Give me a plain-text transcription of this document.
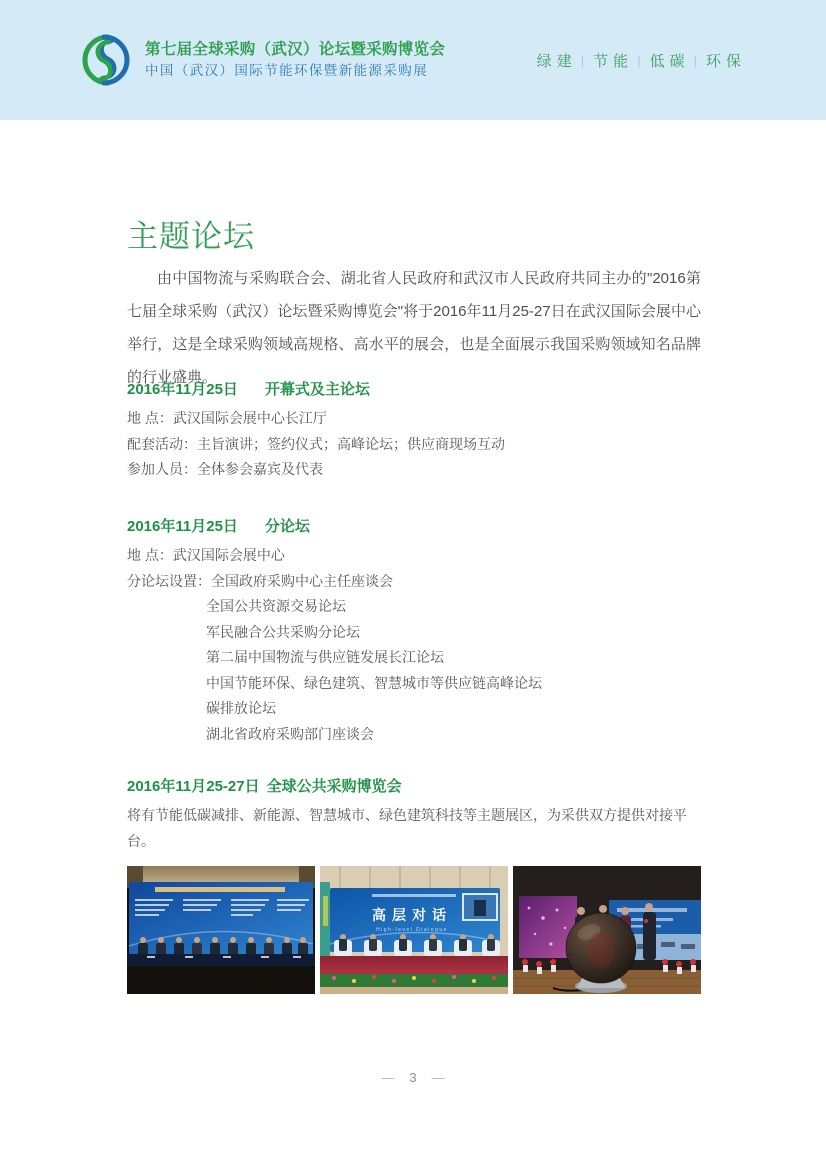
第七届全球采购（武汉）论坛暨采购博览会
中国（武汉）国际节能环保暨新能源采购展
绿建 | 节能 | 低碳 | 环保
主题论坛

由中国物流与采购联合会、湖北省人民政府和武汉市人民政府共同主办的"2016第七届全球采购（武汉）论坛暨采购博览会"将于2016年11月25-27日在武汉国际会展中心举行，这是全球采购领域高规格、高水平的展会，也是全面展示我国采购领域知名品牌的行业盛典。

2016年11月25日 开幕式及主论坛
地 点：武汉国际会展中心长江厅
配套活动：主旨演讲；签约仪式；高峰论坛；供应商现场互动
参加人员：全体参会嘉宾及代表
2016年11月25日 分论坛
地 点：武汉国际会展中心
分论坛设置：全国政府采购中心主任座谈会
全国公共资源交易论坛
军民融合公共采购分论坛
第二届中国物流与供应链发展长江论坛
中国节能环保、绿色建筑、智慧城市等供应链高峰论坛
碳排放论坛
湖北省政府采购部门座谈会
2016年11月25-27日 全球公共采购博览会
将有节能低碳减排、新能源、智慧城市、绿色建筑科技等主题展区，为采供双方提供对接平台。
高层对话
High-level Dialogue
— 3 —
